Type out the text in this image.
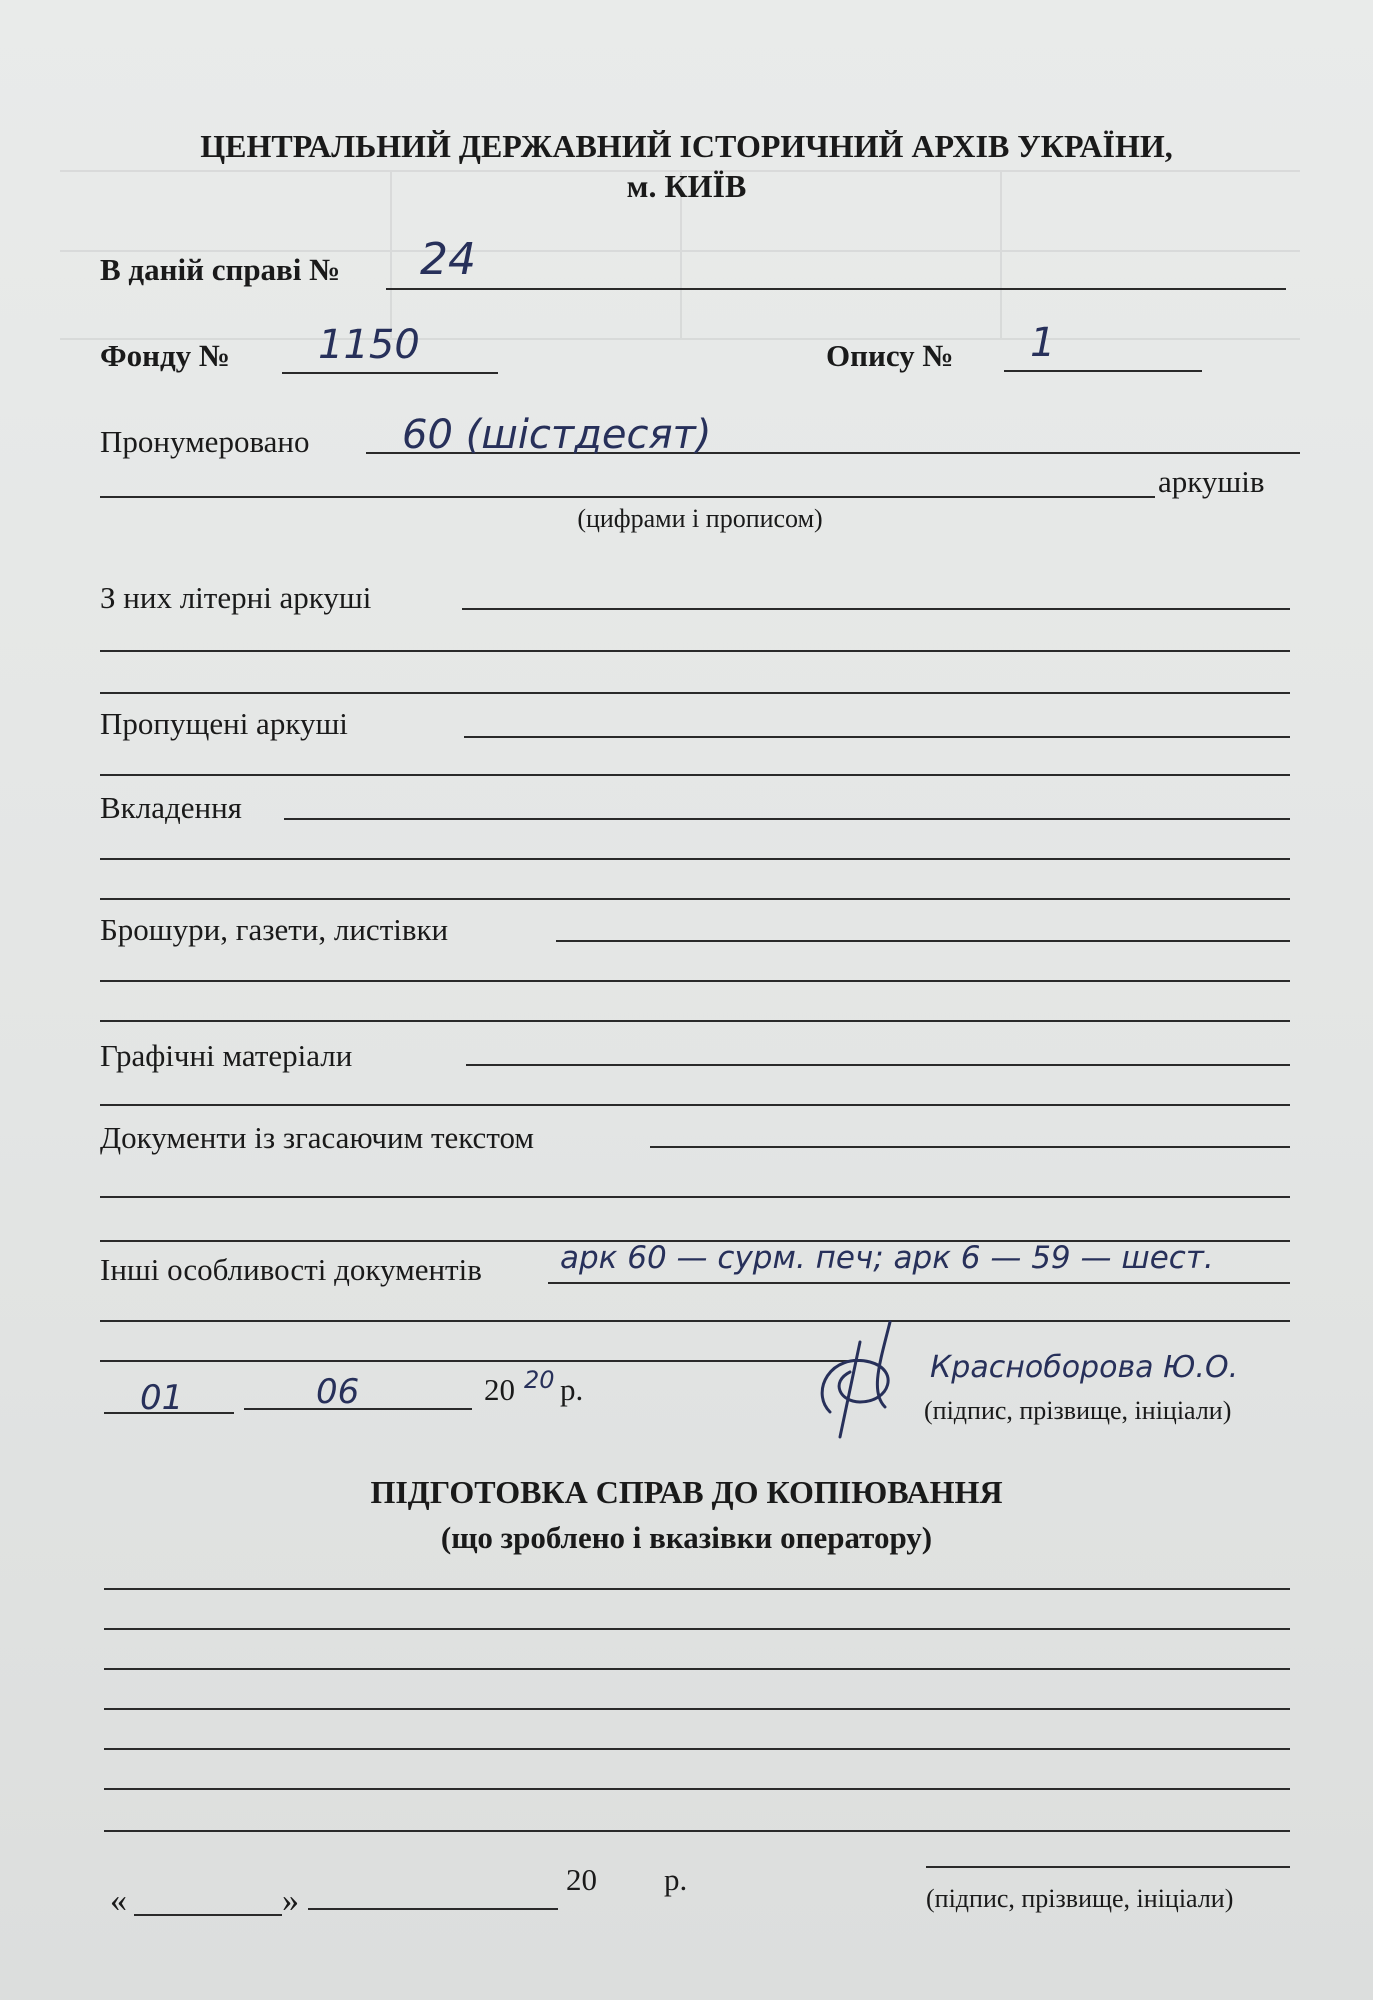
ЦЕНТРАЛЬНИЙ ДЕРЖАВНИЙ ІСТОРИЧНИЙ АРХІВ УКРАЇНИ,
м. КИЇВ
В даній справі № 24
Фонду № 1150	Опису № 1
Пронумеровано 60 (шістдесят)
аркушів
(цифрами і прописом)
З них літерні аркуші
Пропущені аркуші
Вкладення
Брошури, газети, листівки
Графічні матеріали
Документи із згасаючим текстом
Інші особливості документів	арк 60 — сурм. печ; арк 6 — 59 — шест.
01	06	20 20 р.
Красноборова Ю.О.
(підпис, прізвище, ініціали)
ПІДГОТОВКА СПРАВ ДО КОПІЮВАННЯ
(що зроблено і вказівки оператору)
«	»
20 р.
(підпис, прізвище, ініціали)
